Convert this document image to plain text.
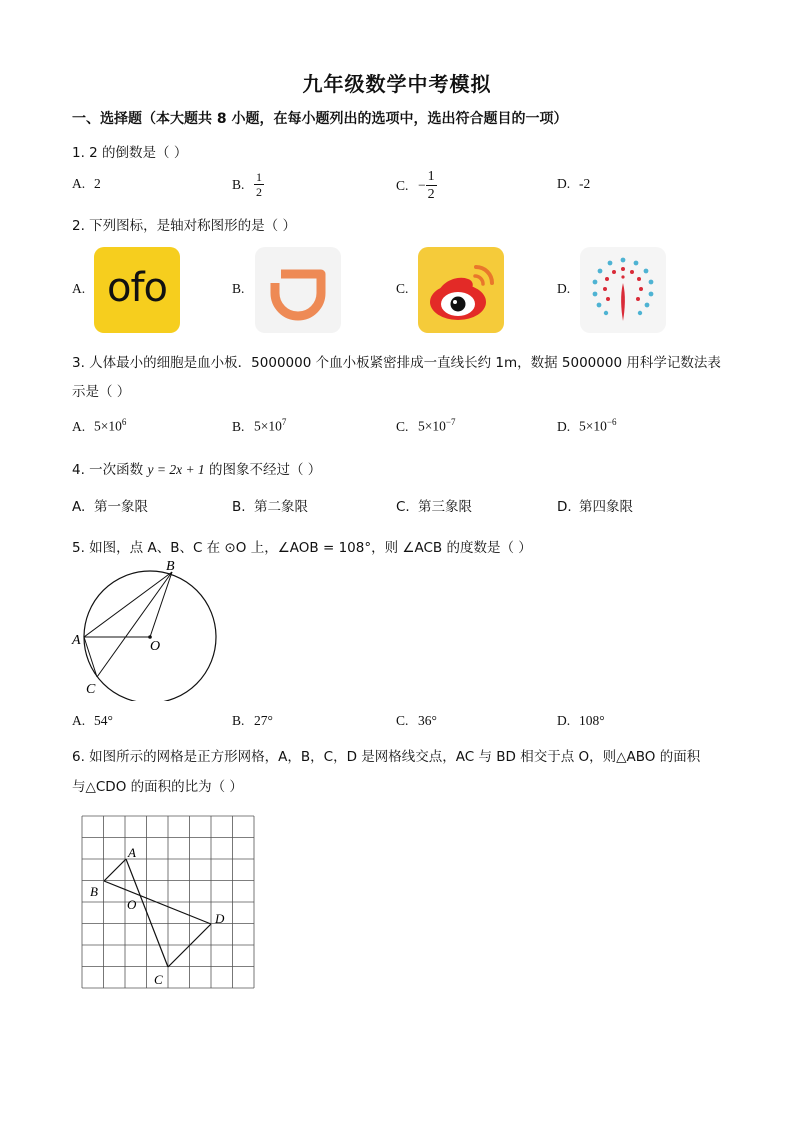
九年级数学中考模拟
一、选择题（本大题共 8 小题，在每小题列出的选项中，选出符合题目的一项）
1. 2 的倒数是（ ）
A. 2	B. $\frac{1}{2}$	C. − $\frac{1}{2}$	D. -2
2. 下列图标，是轴对称图形的是（ ）
A. ofo	B.	C.	D.
3. 人体最小的细胞是血小板．5000000 个血小板紧密排成一直线长约 1m，数据 5000000 用科学记数法表
示是（ ）
A. $5\times 10^6$	B. $5\times 10^7$	C. $5\times 10^{-7}$	D. $5\times 10^{-6}$
4. 一次函数 y = 2x + 1 的图象不经过（ ）
A. 第一象限	B. 第二象限	C. 第三象限	D. 第四象限
5. 如图，点 A、B、C 在 ⊙O 上，∠AOB = 108°，则 ∠ACB 的度数是（ ）
B
A	O
C
A. 54°	B. 27°	C. 36°	D. 108°
6. 如图所示的网格是正方形网格，A，B，C，D 是网格线交点，AC 与 BD 相交于点 O，则△ABO 的面积
与△CDO 的面积的比为（ ）
A
B
O
D
C
